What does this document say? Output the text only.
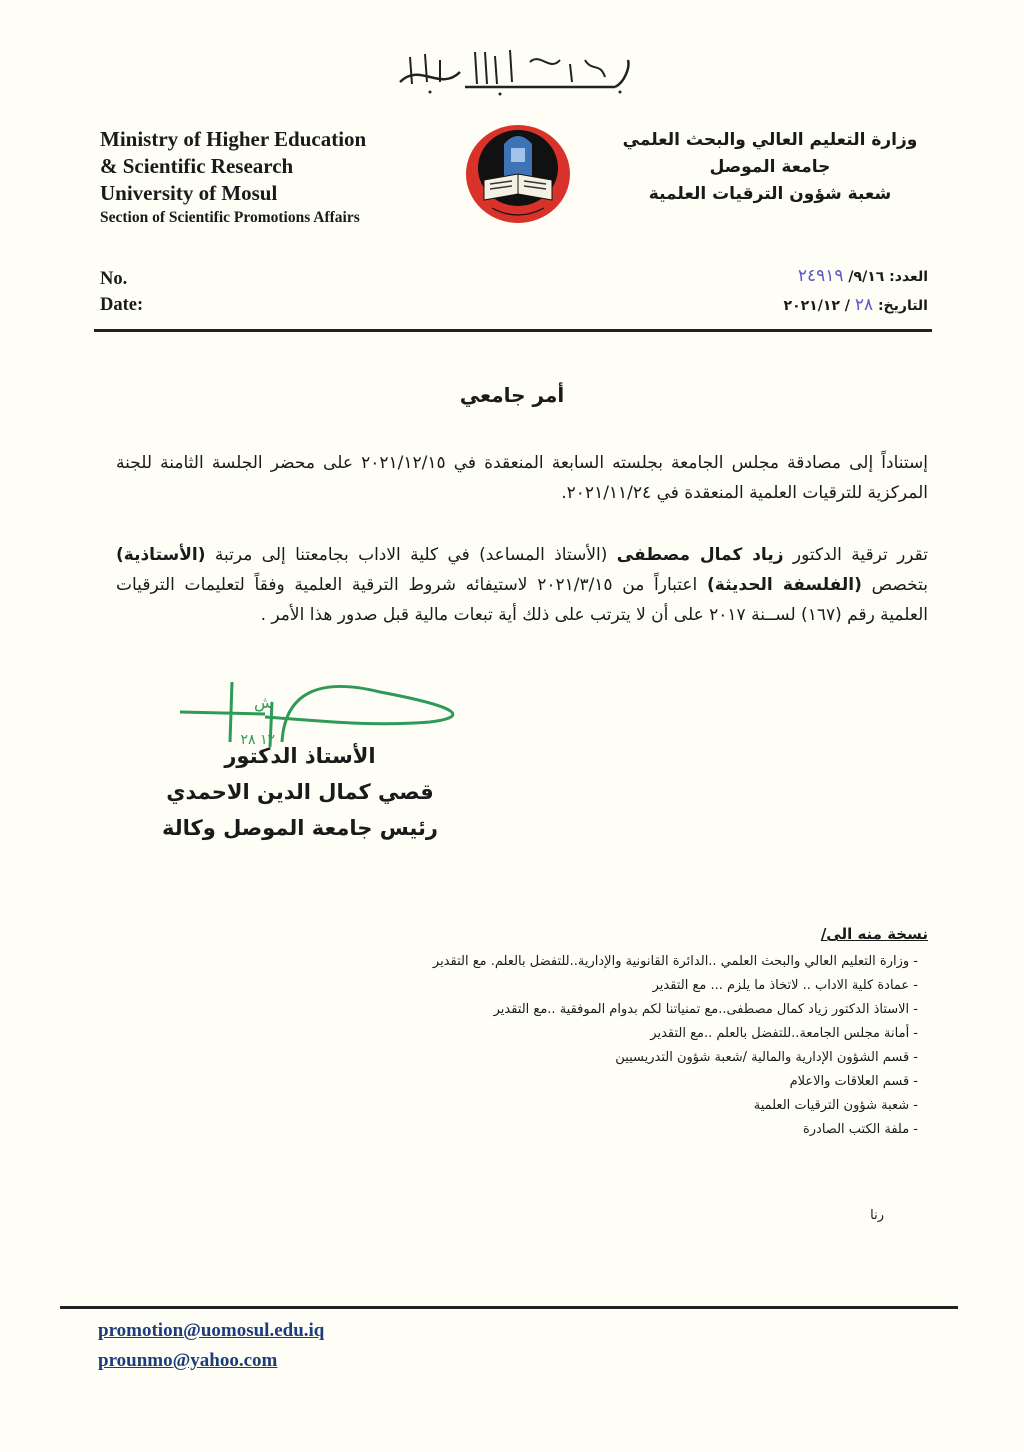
Ministry of Higher Education
& Scientific Research
University of Mosul
Section of Scientific Promotions Affairs
وزارة التعليم العالي والبحث العلمي
جامعة الموصل
شعبة شؤون الترقيات العلمية
No.
Date:
العدد: ٩/١٦/ ٢٤٩١٩
التاريخ: ٢٨ / ٢٠٢١/١٢
أمر جامعي
إستناداً إلى مصادقة مجلس الجامعة بجلسته السابعة المنعقدة في ٢٠٢١/١٢/١٥ على محضر الجلسة الثامنة للجنة المركزية للترقيات العلمية المنعقدة في ٢٠٢١/١١/٢٤.
تقرر ترقية الدكتور زياد كمال مصطفى (الأستاذ المساعد) في كلية الاداب بجامعتنا إلى مرتبة (الأستاذية) بتخصص (الفلسفة الحديثة) اعتباراً من ٢٠٢١/٣/١٥ لاستيفائه شروط الترقية العلمية وفقاً لتعليمات الترقيات العلمية رقم (١٦٧) لســنة ٢٠١٧ على أن لا يترتب على ذلك أية تبعات مالية قبل صدور هذا الأمر .
ش
١٢ ٢٨
الأستاذ الدكتور
قصي كمال الدين الاحمدي
رئيس جامعة الموصل وكالة
نسخة منه الى/
- وزارة التعليم العالي والبحث العلمي ..الدائرة القانونية والإدارية..للتفضل بالعلم. مع التقدير
- عمادة كلية الاداب .. لاتخاذ ما يلزم ... مع التقدير
- الاستاذ الدكتور زياد كمال مصطفى..مع تمنياتنا لكم بدوام الموفقية ..مع التقدير
- أمانة مجلس الجامعة..للتفضل بالعلم ..مع التقدير
- قسم الشؤون الإدارية والمالية /شعبة شؤون التدريسيين
- قسم العلاقات والاعلام
- شعبة شؤون الترقيات العلمية
- ملفة الكتب الصادرة
رنا
promotion@uomosul.edu.iq
prounmo@yahoo.com
